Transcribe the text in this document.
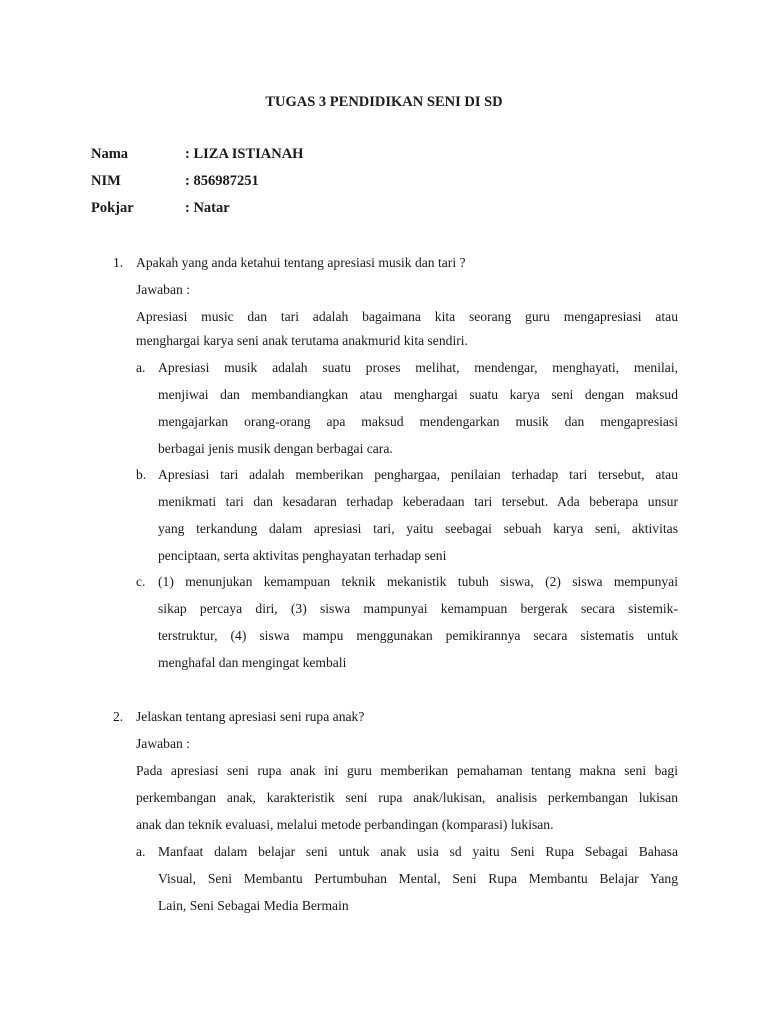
TUGAS 3 PENDIDIKAN SENI DI SD
Nama	: LIZA ISTIANAH
NIM	: 856987251
Pokjar	: Natar
1. Apakah yang anda ketahui tentang apresiasi musik dan tari ?
Jawaban :
Apresiasi music dan tari adalah bagaimana kita seorang guru mengapresiasi atau
menghargai karya seni anak terutama anakmurid kita sendiri.
a. Apresiasi musik adalah suatu proses melihat, mendengar, menghayati, menilai,
menjiwai dan membandiangkan atau menghargai suatu karya seni dengan maksud
mengajarkan orang-orang apa maksud mendengarkan musik dan mengapresiasi
berbagai jenis musik dengan berbagai cara.
b. Apresiasi tari adalah memberikan penghargaa, penilaian terhadap tari tersebut, atau
menikmati tari dan kesadaran terhadap keberadaan tari tersebut. Ada beberapa unsur
yang terkandung dalam apresiasi tari, yaitu seebagai sebuah karya seni, aktivitas
penciptaan, serta aktivitas penghayatan terhadap seni
c. (1) menunjukan kemampuan teknik mekanistik tubuh siswa, (2) siswa mempunyai
sikap percaya diri, (3) siswa mampunyai kemampuan bergerak secara sistemik-
terstruktur, (4) siswa mampu menggunakan pemikirannya secara sistematis untuk
menghafal dan mengingat kembali
2. Jelaskan tentang apresiasi seni rupa anak?
Jawaban :
Pada apresiasi seni rupa anak ini guru memberikan pemahaman tentang makna seni bagi
perkembangan anak, karakteristik seni rupa anak/lukisan, analisis perkembangan lukisan
anak dan teknik evaluasi, melalui metode perbandingan (komparasi) lukisan.
a. Manfaat dalam belajar seni untuk anak usia sd yaitu Seni Rupa Sebagai Bahasa
Visual, Seni Membantu Pertumbuhan Mental, Seni Rupa Membantu Belajar Yang
Lain, Seni Sebagai Media Bermain
